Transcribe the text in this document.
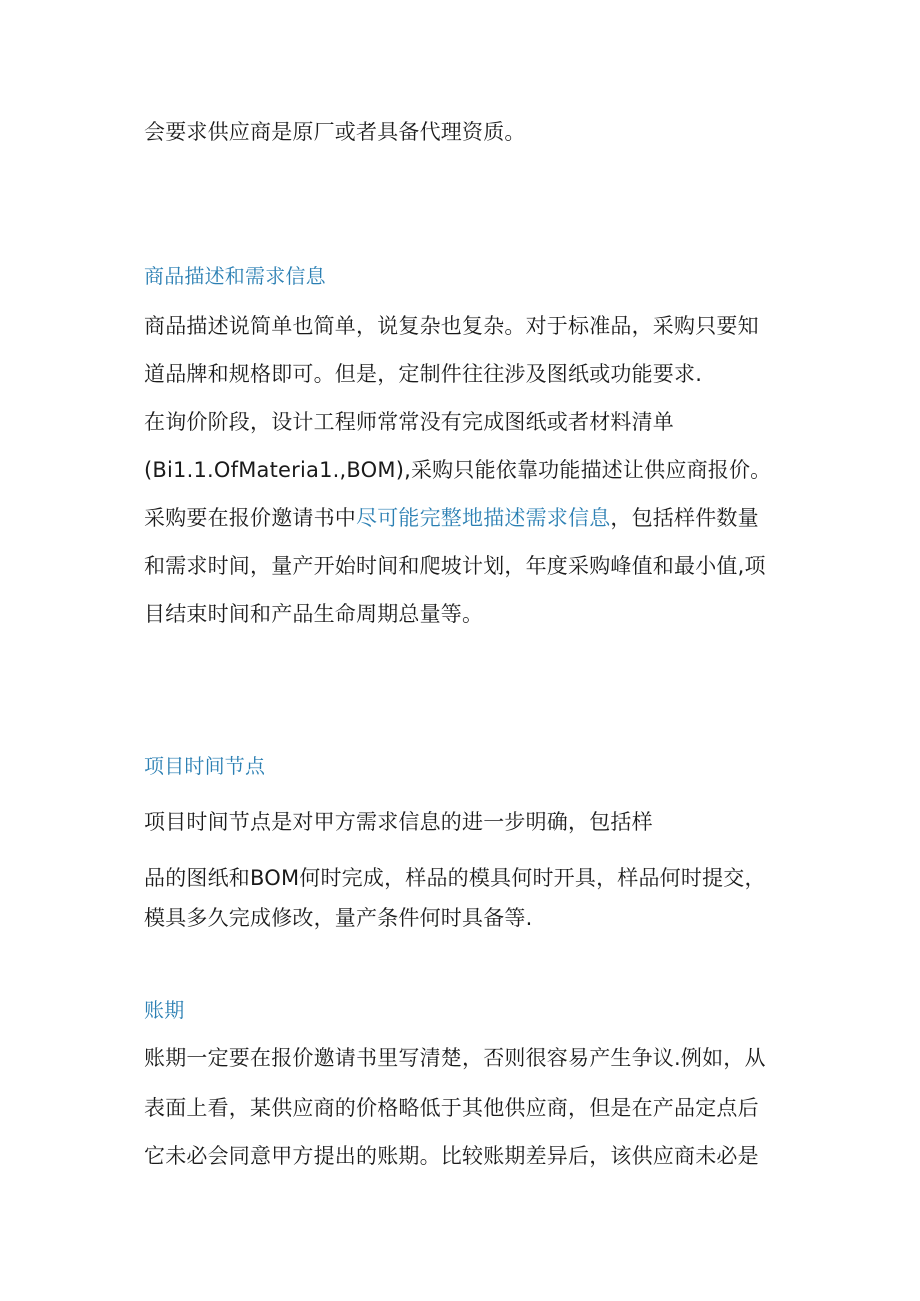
会要求供应商是原厂或者具备代理资质。
商品描述和需求信息
商品描述说简单也简单，说复杂也复杂。对于标准品，采购只要知
道品牌和规格即可。但是，定制件往往涉及图纸或功能要求.
在询价阶段，设计工程师常常没有完成图纸或者材料清单
(Bi1.1.OfMateria1.,BOM),采购只能依靠功能描述让供应商报价。
采购要在报价邀请书中尽可能完整地描述需求信息，包括样件数量
和需求时间，量产开始时间和爬坡计划，年度采购峰值和最小值,项
目结束时间和产品生命周期总量等。
项目时间节点
项目时间节点是对甲方需求信息的进一步明确，包括样
品的图纸和BOM何时完成，样品的模具何时开具，样品何时提交，
模具多久完成修改，量产条件何时具备等.
账期
账期一定要在报价邀请书里写清楚，否则很容易产生争议.例如，从
表面上看，某供应商的价格略低于其他供应商，但是在产品定点后
它未必会同意甲方提出的账期。比较账期差异后，该供应商未必是
